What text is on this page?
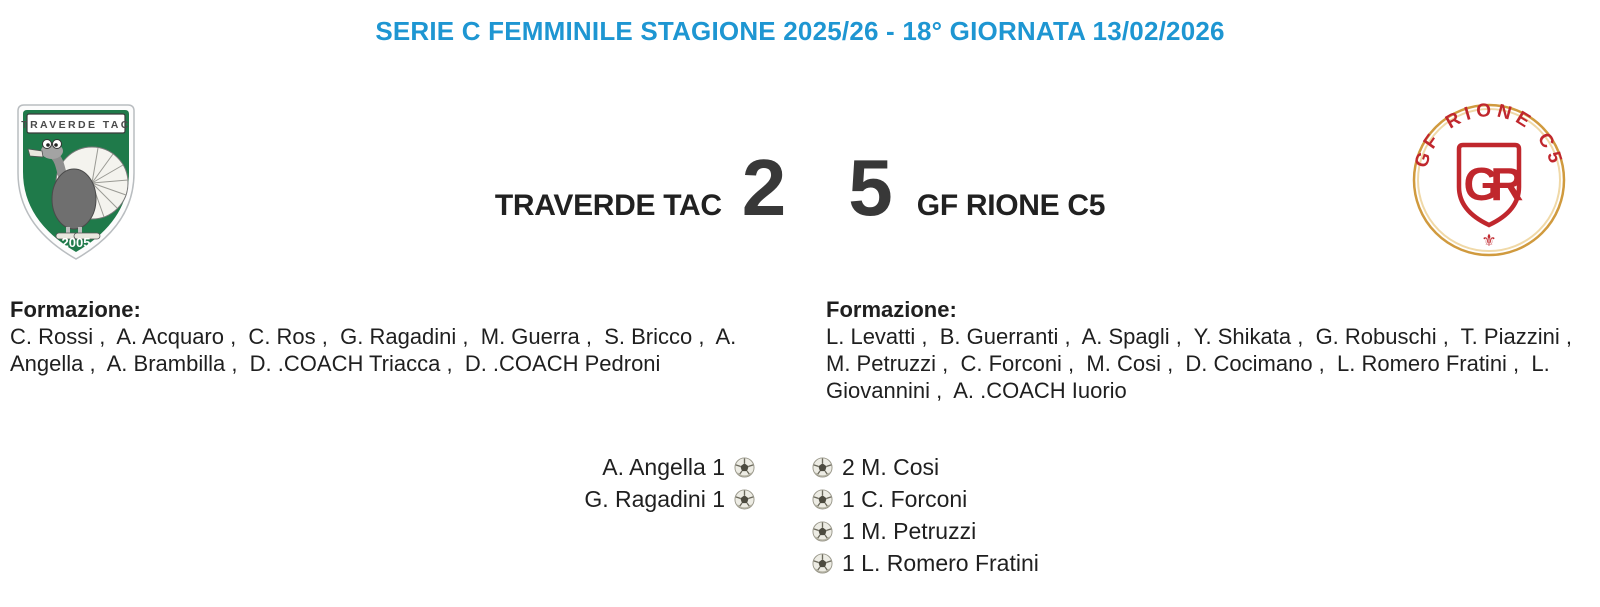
SERIE C FEMMINILE STAGIONE 2025/26 - 18° GIORNATA 13/02/2026
TRAVERDE TAC
2005
GF RIONE C5
GR
⚜
TRAVERDE TAC 2 5 GF RIONE C5
Formazione:
C. Rossi ,  A. Acquaro ,  C. Ros ,  G. Ragadini ,  M. Guerra ,  S. Bricco ,  A. Angella ,  A. Brambilla ,  D. .COACH Triacca ,  D. .COACH Pedroni
Formazione:
L. Levatti ,  B. Guerranti ,  A. Spagli ,  Y. Shikata ,  G. Robuschi ,  T. Piazzini ,  M. Petruzzi ,  C. Forconi ,  M. Cosi ,  D. Cocimano ,  L. Romero Fratini ,  L. Giovannini ,  A. .COACH Iuorio
A. Angella 1
G. Ragadini 1
2 M. Cosi
1 C. Forconi
1 M. Petruzzi
1 L. Romero Fratini
